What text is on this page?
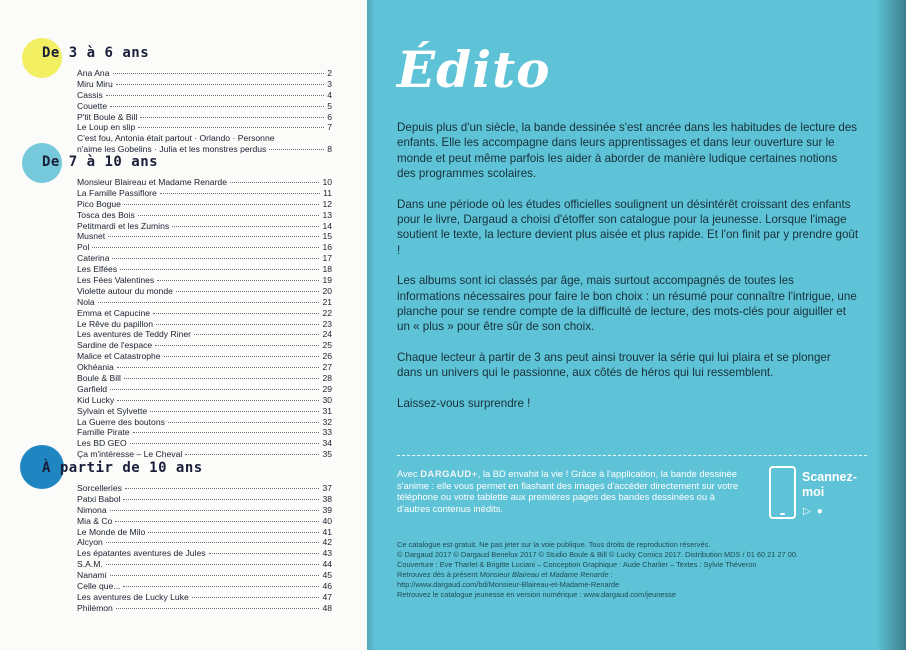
De 3 à 6 ans
Ana Ana	2
Miru Miru	3
Cassis	4
Couette	5
P'tit Boule & Bill	6
Le Loup en slip	7
C'est fou, Antonia était partout · Orlando · Personne
n'aime les Gobelins · Julia et les monstres perdus	8
De 7 à 10 ans
Monsieur Blaireau et Madame Renarde	10
La Famille Passiflore	11
Pico Bogue	12
Tosca des Bois	13
Petitmardi et les Zumins	14
Musnet	15
Pol	16
Caterina	17
Les Elfées	18
Les Fées Valentines	19
Violette autour du monde	20
Nola	21
Emma et Capucine	22
Le Rêve du papillon	23
Les aventures de Teddy Riner	24
Sardine de l'espace	25
Malice et Catastrophe	26
Okhéania	27
Boule & Bill	28
Garfield	29
Kid Lucky	30
Sylvain et Sylvette	31
La Guerre des boutons	32
Famille Pirate	33
Les BD GEO	34
Ça m'intéresse – Le Cheval	35
À partir de 10 ans
Sorcelleries	37
Patxi Babol	38
Nimona	39
Mia & Co	40
Le Monde de Milo	41
Alcyon	42
Les épatantes aventures de Jules	43
S.A.M.	44
Nanami	45
Celle que...	46
Les aventures de Lucky Luke	47
Philémon	48
Édito

Depuis plus d'un siècle, la bande dessinée s'est ancrée dans les habitudes de lecture des enfants. Elle les accompagne dans leurs apprentissages et dans leur ouverture sur le monde et peut même parfois les aider à aborder de manière ludique certaines notions des programmes scolaires.

Dans une période où les études officielles soulignent un désintérêt croissant des enfants pour le livre, Dargaud a choisi d'étoffer son catalogue pour la jeunesse. Lorsque l'image soutient le texte, la lecture devient plus aisée et plus rapide. Et l'on finit par y prendre goût !

Les albums sont ici classés par âge, mais surtout accompagnés de toutes les informations nécessaires pour faire le bon choix : un résumé pour connaître l'intrigue, une planche pour se rendre compte de la difficulté de lecture, des mots-clés pour aiguiller et un « plus » pour être sûr de son choix.

Chaque lecteur à partir de 3 ans peut ainsi trouver la série qui lui plaira et se plonger dans un univers qui le passionne, aux côtés de héros qui lui ressemblent.

Laissez-vous surprendre !

Avec DARGAUD+, la BD envahit la vie ! Grâce à l'application, la bande dessinée s'anime : elle vous permet en flashant des images d'accéder directement sur votre téléphone ou votre tablette aux premières pages des bandes dessinées ou à d'autres contenus inédits.
Scannez-moi
▷ ●
Ce catalogue est gratuit. Ne pas jeter sur la voie publique. Tous droits de reproduction réservés.
© Dargaud 2017 © Dargaud Benelux 2017 © Studio Boule & Bill © Lucky Comics 2017. Distribution MDS / 01 60 21 27 00.
Couverture : Eve Tharlet & Brigitte Luciani – Conception Graphique : Aude Charlier – Textes : Sylvie Théveron
Retrouvez dès à présent Monsieur Blaireau et Madame Renarde :
http://www.dargaud.com/bd/Monsieur-Blaireau-et-Madame-Renarde
Retrouvez le catalogue jeunesse en version numérique : www.dargaud.com/jeunesse
